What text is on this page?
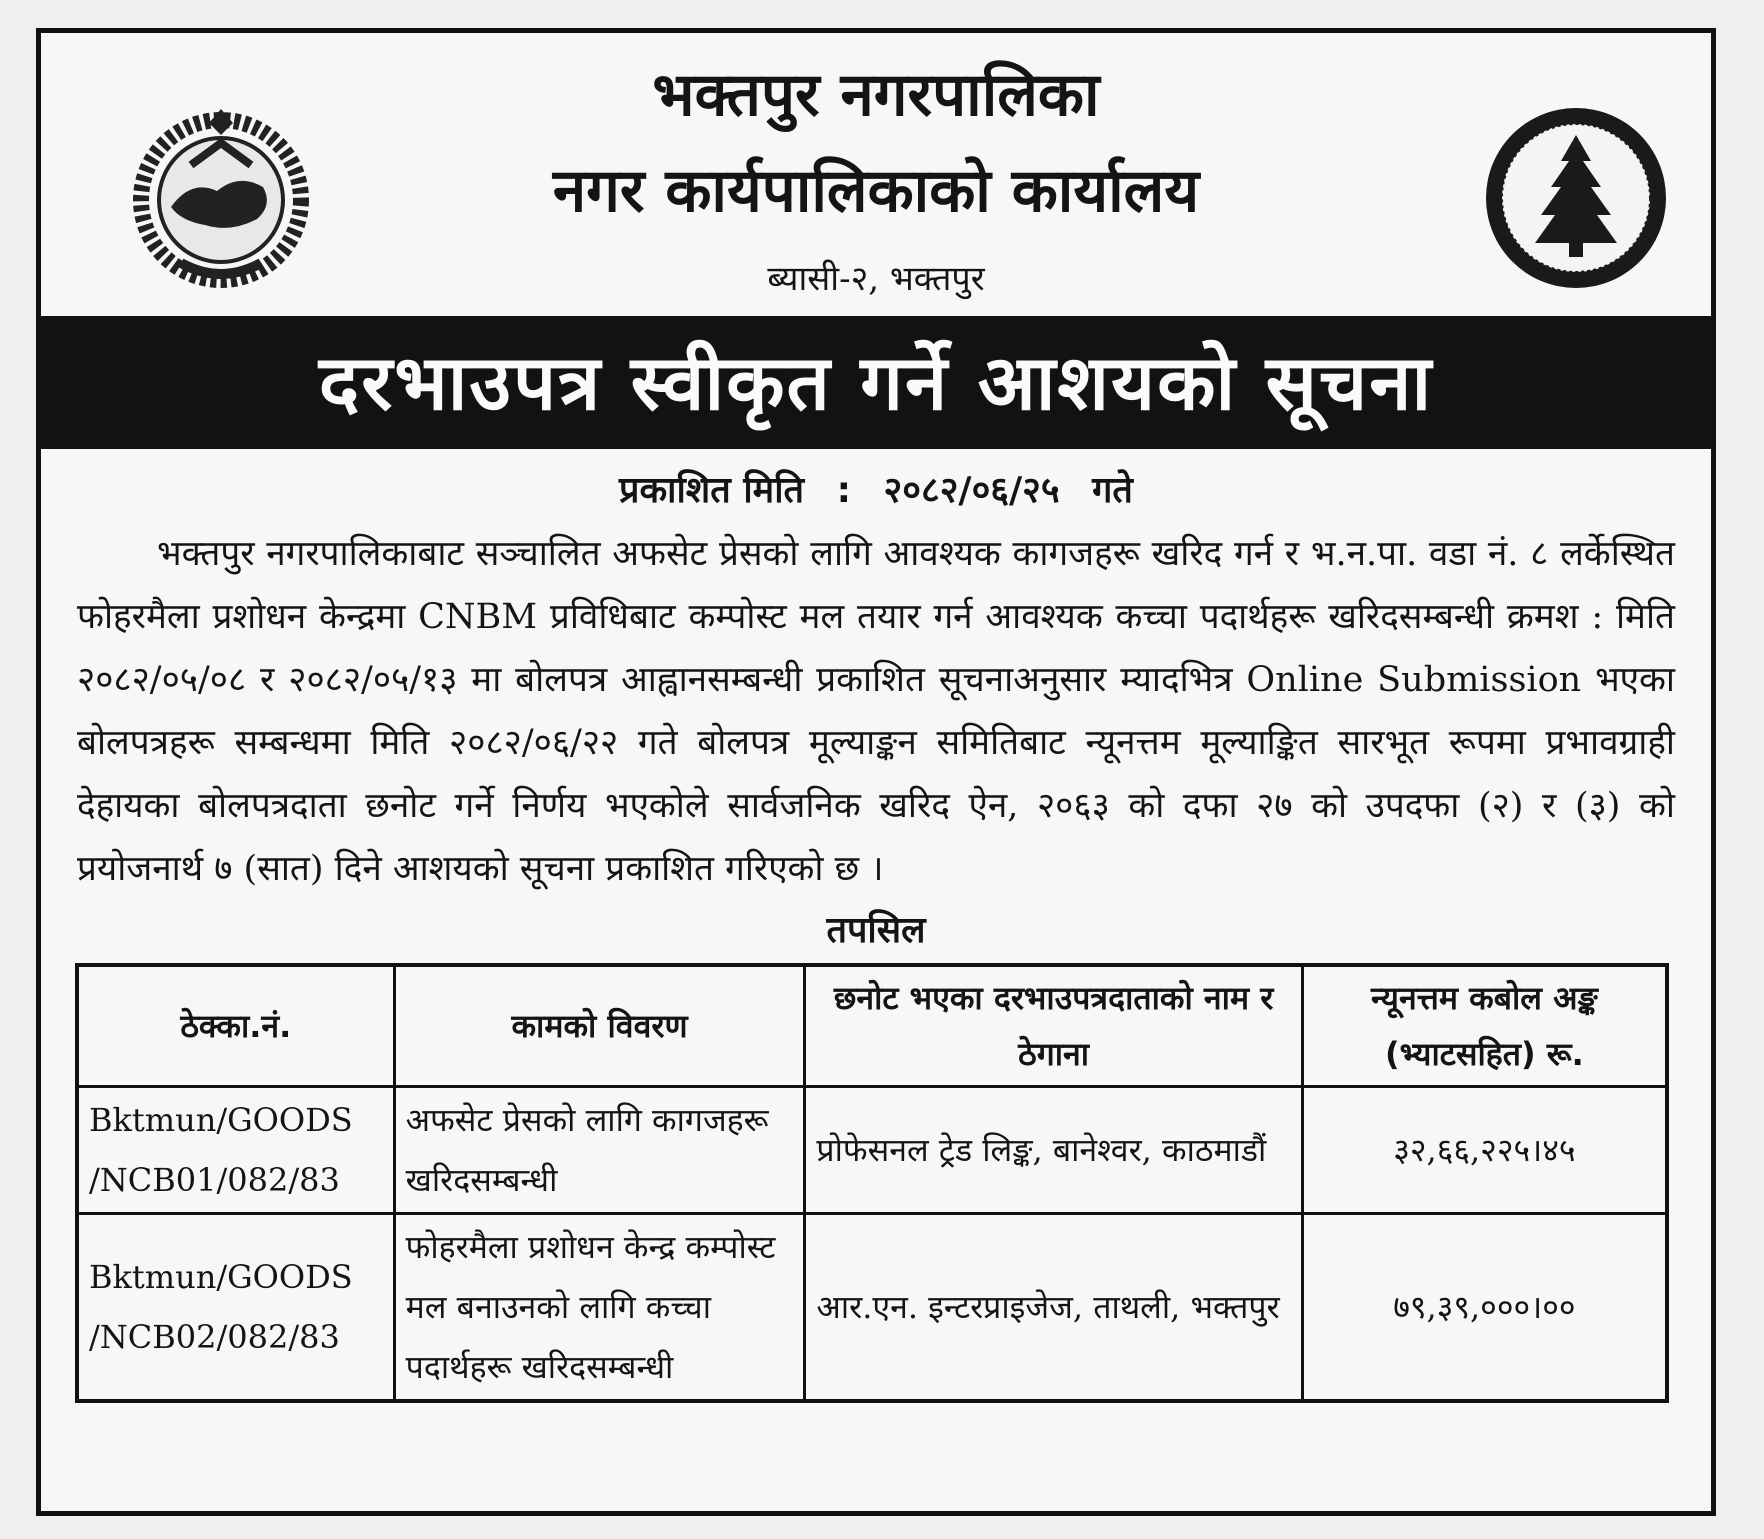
भक्तपुर नगरपालिका
नगर कार्यपालिकाको कार्यालय
ब्यासी-२, भक्तपुर
दरभाउपत्र स्वीकृत गर्ने आशयको सूचना
प्रकाशित मिति : २०८२/०६/२५ गते

भक्तपुर नगरपालिकाबाट सञ्चालित अफसेट प्रेसको लागि आवश्यक कागजहरू खरिद गर्न र भ.न.पा. वडा नं. ८ लर्केस्थित फोहरमैला प्रशोधन केन्द्रमा CNBM प्रविधिबाट कम्पोस्ट मल तयार गर्न आवश्यक कच्चा पदार्थहरू खरिदसम्बन्धी क्रमश : मिति २०८२/०५/०८ र २०८२/०५/१३ मा बोलपत्र आह्वानसम्बन्धी प्रकाशित सूचनाअनुसार म्यादभित्र Online Submission भएका बोलपत्रहरू सम्बन्धमा मिति २०८२/०६/२२ गते बोलपत्र मूल्याङ्कन समितिबाट न्यूनत्तम मूल्याङ्कित सारभूत रूपमा प्रभावग्राही देहायका बोलपत्रदाता छनोट गर्ने निर्णय भएकोले सार्वजनिक खरिद ऐन, २०६३ को दफा २७ को उपदफा (२) र (३) को प्रयोजनार्थ ७ (सात) दिने आशयको सूचना प्रकाशित गरिएको छ ।

तपसिल
ठेक्का.नं.	कामको विवरण	छनोट भएका दरभाउपत्रदाताको नाम र ठेगाना	न्यूनत्तम कबोल अङ्क (भ्याटसहित) रू.
Bktmun/GOODS /NCB01/082/83	अफसेट प्रेसको लागि कागजहरू खरिदसम्बन्धी	प्रोफेसनल ट्रेड लिङ्क, बानेश्वर, काठमाडौं	३२,६६,२२५।४५
Bktmun/GOODS /NCB02/082/83	फोहरमैला प्रशोधन केन्द्र कम्पोस्ट मल बनाउनको लागि कच्चा पदार्थहरू खरिदसम्बन्धी	आर.एन. इन्टरप्राइजेज, ताथली, भक्तपुर	७९,३९,०००।००
